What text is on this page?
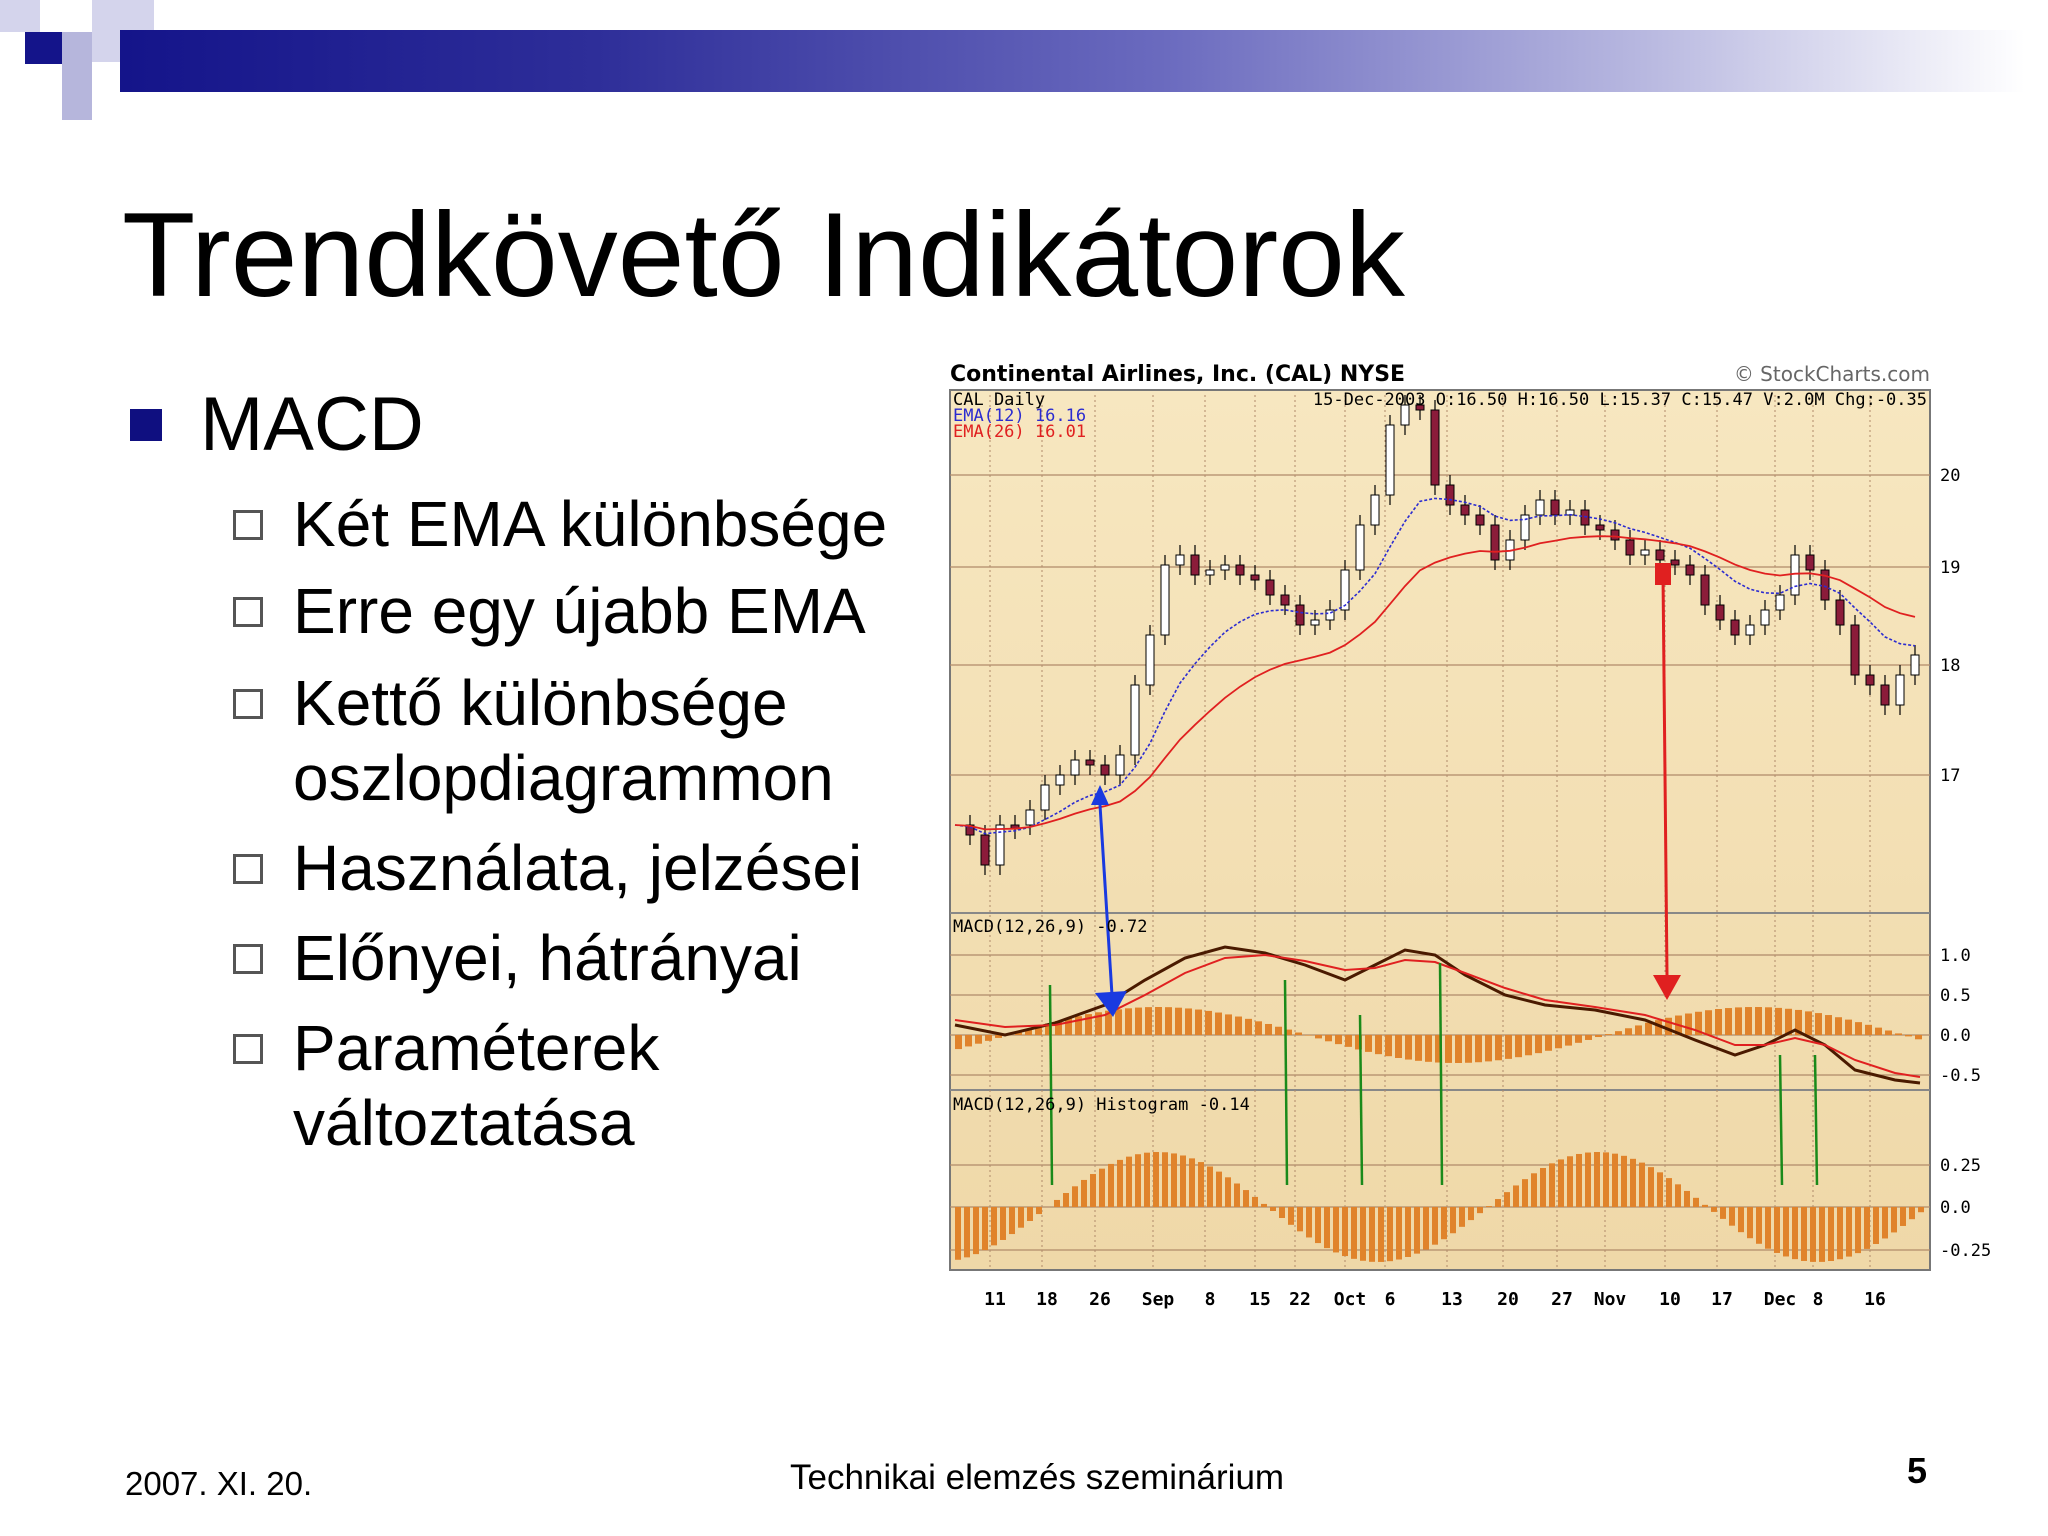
Trendkövető Indikátorok
MACD
Két EMA különbsége
Erre egy újabb EMA
Kettő különbsége
oszlopdiagrammon
Használata, jelzései
Előnyei, hátrányai
Paraméterek
változtatása
Continental Airlines, Inc. (CAL) NYSE	© StockCharts.com
CAL Daily	15-Dec-2003 O:16.50 H:16.50 L:15.37 C:15.47 V:2.0M Chg:-0.35
EMA(12) 16.16
EMA(26) 16.01
MACD(12,26,9) -0.72
MACD(12,26,9) Histogram -0.14
20
19
18
17
1.0
0.5
0.0
-0.5
0.25
0.0
-0.25
11 18 26 Sep 8 15 22 Oct 6	13 20 27 Nov 10 17 Dec 8 16
2007. XI. 20.	Technikai elemzés szeminárium	5
